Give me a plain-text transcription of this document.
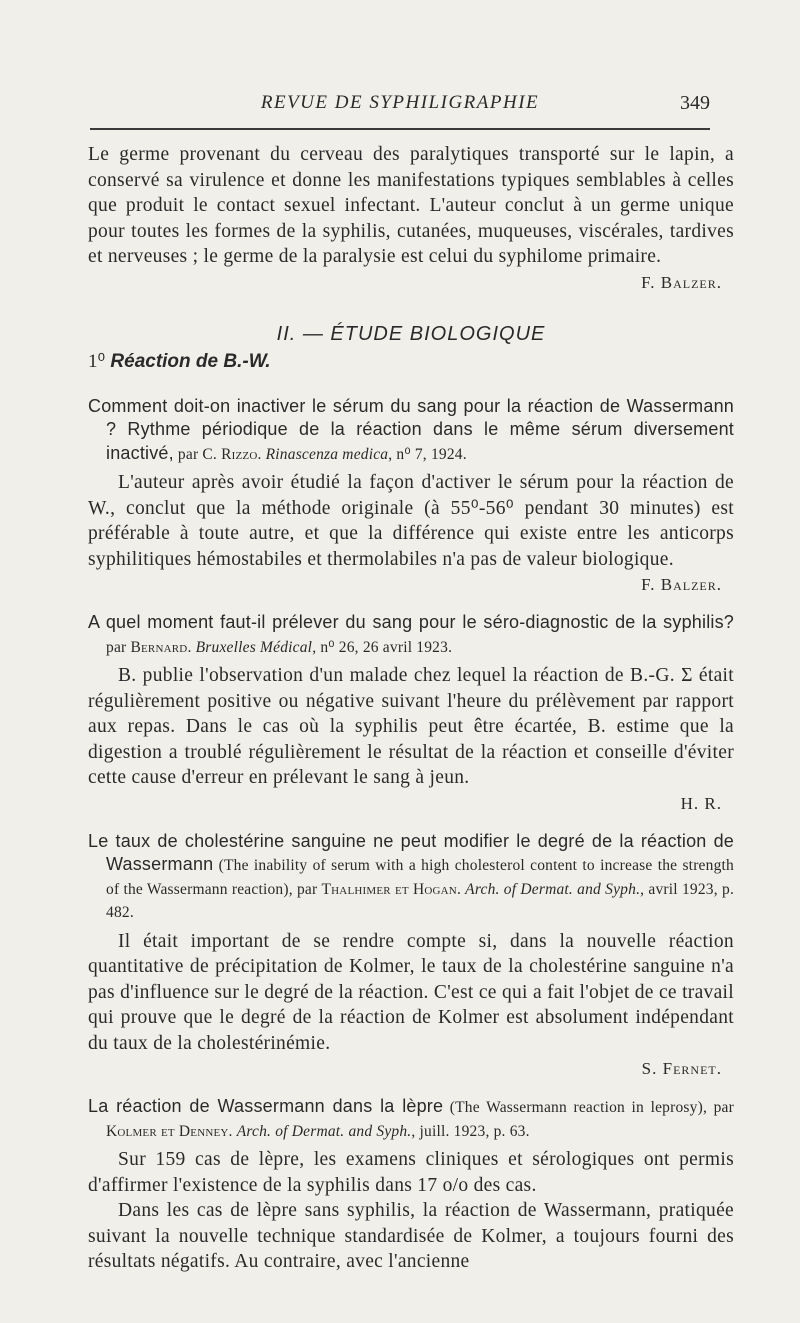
REVUE DE SYPHILIGRAPHIE	349

Le germe provenant du cerveau des paralytiques transporté sur le lapin, a conservé sa virulence et donne les manifestations typiques semblables à celles que produit le contact sexuel infectant. L'auteur conclut à un germe unique pour toutes les formes de la syphilis, cutanées, muqueuses, viscérales, tardives et nerveuses ; le germe de la paralysie est celui du syphilome primaire.

F. Balzer.

II. — ÉTUDE BIOLOGIQUE
1⁰ Réaction de B.-W.

Comment doit-on inactiver le sérum du sang pour la réaction de Wassermann ? Rythme périodique de la réaction dans le même sérum diversement inactivé, par C. Rizzo. Rinascenza medica, n⁰ 7, 1924.

L'auteur après avoir étudié la façon d'activer le sérum pour la réaction de W., conclut que la méthode originale (à 55⁰-56⁰ pendant 30 minutes) est préférable à toute autre, et que la différence qui existe entre les anticorps syphilitiques hémostabiles et thermolabiles n'a pas de valeur biologique.

F. Balzer.

A quel moment faut-il prélever du sang pour le séro-diagnostic de la syphilis? par Bernard. Bruxelles Médical, n⁰ 26, 26 avril 1923.

B. publie l'observation d'un malade chez lequel la réaction de B.-G. Σ était régulièrement positive ou négative suivant l'heure du prélèvement par rapport aux repas. Dans le cas où la syphilis peut être écartée, B. estime que la digestion a troublé régulièrement le résultat de la réaction et conseille d'éviter cette cause d'erreur en prélevant le sang à jeun.

H. R.

Le taux de cholestérine sanguine ne peut modifier le degré de la réaction de Wassermann (The inability of serum with a high cholesterol content to increase the strength of the Wassermann reaction), par Thalhimer et Hogan. Arch. of Dermat. and Syph., avril 1923, p. 482.

Il était important de se rendre compte si, dans la nouvelle réaction quantitative de précipitation de Kolmer, le taux de la cholestérine sanguine n'a pas d'influence sur le degré de la réaction. C'est ce qui a fait l'objet de ce travail qui prouve que le degré de la réaction de Kolmer est absolument indépendant du taux de la cholestérinémie.

S. Fernet.

La réaction de Wassermann dans la lèpre (The Wassermann reaction in leprosy), par Kolmer et Denney. Arch. of Dermat. and Syph., juill. 1923, p. 63.

Sur 159 cas de lèpre, les examens cliniques et sérologiques ont permis d'affirmer l'existence de la syphilis dans 17 o/o des cas.

Dans les cas de lèpre sans syphilis, la réaction de Wassermann, pratiquée suivant la nouvelle technique standardisée de Kolmer, a toujours fourni des résultats négatifs. Au contraire, avec l'ancienne
